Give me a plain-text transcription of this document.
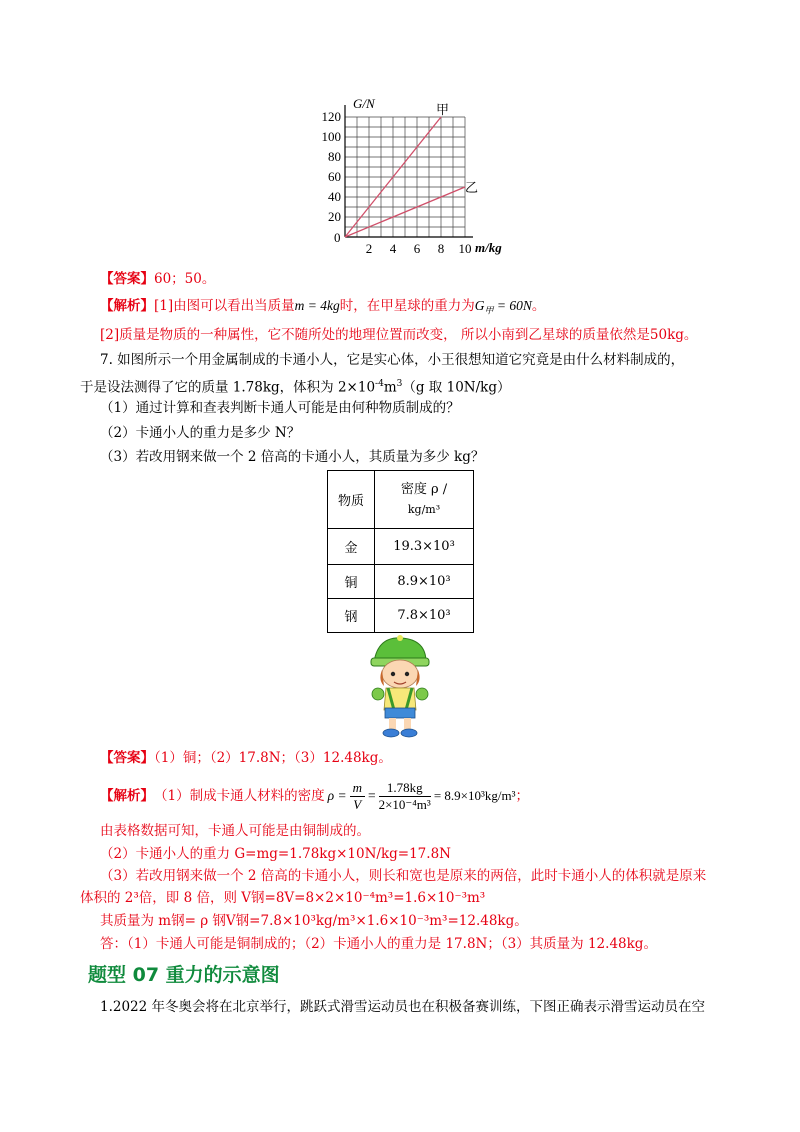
G/N
m/kg
0
120
100
80
60
40
20
2 4 6 8 10
甲
乙
【答案】60；50。
【解析】[1]由图可以看出当质量m = 4kg时，在甲星球的重力为$G_甲 = 60N$。
[2]质量是物质的一种属性，它不随所处的地理位置而改变， 所以小南到乙星球的质量依然是50kg。
7. 如图所示一个用金属制成的卡通小人，它是实心体，小王很想知道它究竟是由什么材料制成的，
于是设法测得了它的质量 1.78kg，体积为 $2\times 10^{-4}m^3(g$ 取 10N/kg）
（1）通过计算和查表判断卡通人可能是由何种物质制成的？
（2）卡通小人的重力是多少 N？
（3）若改用钢来做一个 2 倍高的卡通小人，其质量为多少 kg？
物质	密度 ρ /
kg/m³

金	19.3×10³
铜	8.9×10³
钢	7.8×10³
【答案】（1）铜；（2）17.8N；（3）12.48kg。
【解析】 （1）制成卡通人材料的密度 $\rho = \frac{m}{V} = \frac{1.78kg}{\text{2×10⁻⁴m³}} = 8.9\times 10^3kg/m^3$ ；
由表格数据可知，卡通人可能是由铜制成的。
（2）卡通小人的重力 G=mg=1.78kg×10N/kg=17.8N
（3）若改用钢来做一个 2 倍高的卡通小人，则长和宽也是原来的两倍，此时卡通小人的体积就是原来
体积的 2³倍，即 8 倍，则 V钢=8V=8×2×10⁻⁴m³=1.6×10⁻³m³
其质量为 m钢= ρ 钢V钢=7.8×10³kg/m³×1.6×10⁻³m³=12.48kg。
答：（1）卡通人可能是铜制成的；（2）卡通小人的重力是 17.8N；（3）其质量为 12.48kg。
题型 07 重力的示意图
1.2022 年冬奥会将在北京举行，跳跃式滑雪运动员也在积极备赛训练，下图正确表示滑雪运动员在空
